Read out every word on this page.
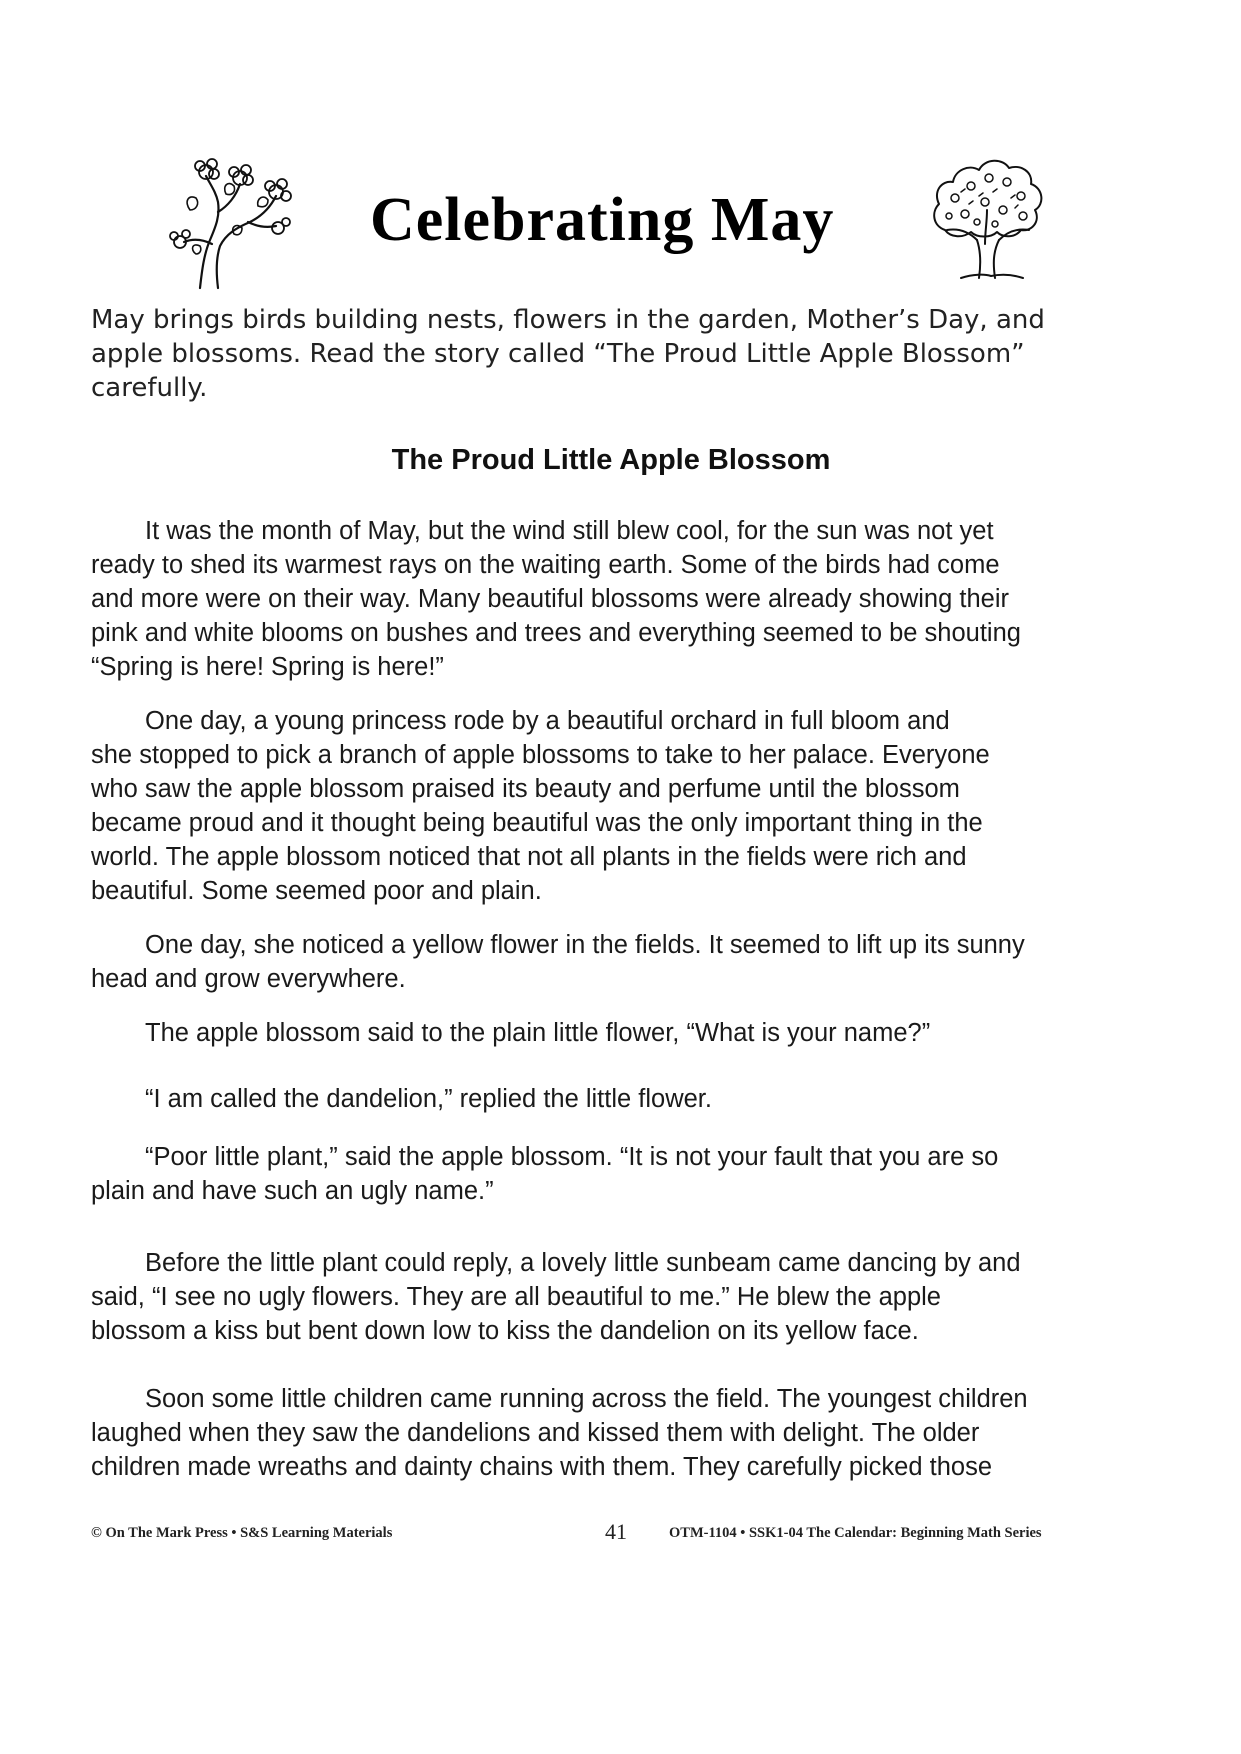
Celebrating May

May brings birds building nests, flowers in the garden, Mother’s Day, and

apple blossoms. Read the story called “The Proud Little Apple Blossom”

carefully.

The Proud Little Apple Blossom

It was the month of May, but the wind still blew cool, for the sun was not yet
ready to shed its warmest rays on the waiting earth. Some of the birds had come
and more were on their way. Many beautiful blossoms were already showing their
pink and white blooms on bushes and trees and everything seemed to be shouting
“Spring is here! Spring is here!”

One day, a young princess rode by a beautiful orchard in full bloom and
she stopped to pick a branch of apple blossoms to take to her palace. Everyone
who saw the apple blossom praised its beauty and perfume until the blossom
became proud and it thought being beautiful was the only important thing in the
world. The apple blossom noticed that not all plants in the fields were rich and
beautiful. Some seemed poor and plain.

One day, she noticed a yellow flower in the fields. It seemed to lift up its sunny
head and grow everywhere.

The apple blossom said to the plain little flower, “What is your name?”

“I am called the dandelion,” replied the little flower.

“Poor little plant,” said the apple blossom. “It is not your fault that you are so
plain and have such an ugly name.”

Before the little plant could reply, a lovely little sunbeam came dancing by and
said, “I see no ugly flowers. They are all beautiful to me.” He blew the apple
blossom a kiss but bent down low to kiss the dandelion on its yellow face.

Soon some little children came running across the field. The youngest children
laughed when they saw the dandelions and kissed them with delight. The older
children made wreaths and dainty chains with them. They carefully picked those

© On The Mark Press • S&S Learning Materials	41	OTM-1104 • SSK1-04 The Calendar: Beginning Math Series
